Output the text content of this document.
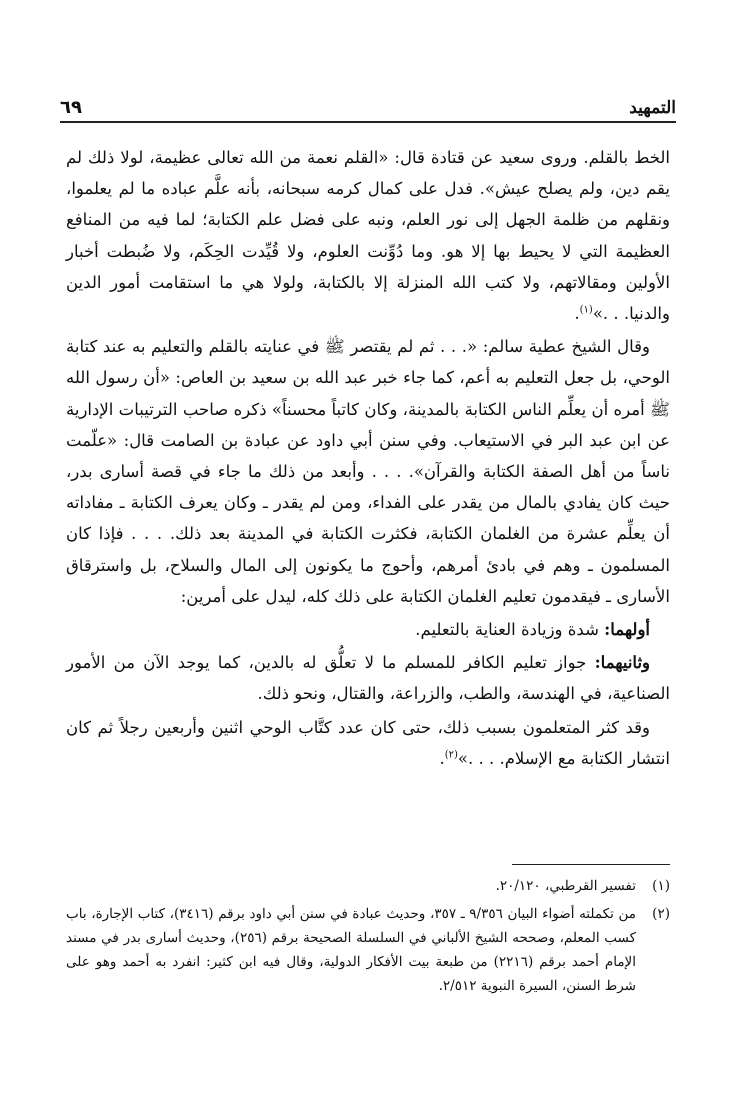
التمهيد
٦٩

الخط بالقلم. وروى سعيد عن قتادة قال: «القلم نعمة من الله تعالى عظيمة، لولا ذلك لم يقم دين، ولم يصلح عيش». فدل على كمال كرمه سبحانه، بأنه علَّم عباده ما لم يعلموا، ونقلهم من ظلمة الجهل إلى نور العلم، ونبه على فضل علم الكتابة؛ لما فيه من المنافع العظيمة التي لا يحيط بها إلا هو. وما دُوِّنت العلوم، ولا قُيِّدت الحِكَم، ولا ضُبطت أخبار الأولين ومقالاتهم، ولا كتب الله المنزلة إلا بالكتابة، ولولا هي ما استقامت أمور الدين والدنيا. . .»$^{(١)}$.

وقال الشيخ عطية سالم: «. . . ثم لم يقتصر ﷺ في عنايته بالقلم والتعليم به عند كتابة الوحي، بل جعل التعليم به أعم، كما جاء خبر عبد الله بن سعيد بن العاص: «أن رسول الله ﷺ أمره أن يعلِّم الناس الكتابة بالمدينة، وكان كاتباً محسناً» ذكره صاحب الترتيبات الإدارية عن ابن عبد البر في الاستيعاب. وفي سنن أبي داود عن عبادة بن الصامت قال: «علّمت ناساً من أهل الصفة الكتابة والقرآن». . . . وأبعد من ذلك ما جاء في قصة أسارى بدر، حيث كان يفادي بالمال من يقدر على الفداء، ومن لم يقدر ـ وكان يعرف الكتابة ـ مفاداته أن يعلِّم عشرة من الغلمان الكتابة، فكثرت الكتابة في المدينة بعد ذلك. . . . فإذا كان المسلمون ـ وهم في بادئ أمرهم، وأحوج ما يكونون إلى المال والسلاح، بل واسترقاق الأسارى ـ فيقدمون تعليم الغلمان الكتابة على ذلك كله، ليدل على أمرين:

أولهما: شدة وزيادة العناية بالتعليم.

وثانيهما: جواز تعليم الكافر للمسلم ما لا تعلُّق له بالدين، كما يوجد الآن من الأمور الصناعية، في الهندسة، والطب، والزراعة، والقتال، ونحو ذلك.

وقد كثر المتعلمون بسبب ذلك، حتى كان عدد كتَّاب الوحي اثنين وأربعين رجلاً ثم كان انتشار الكتابة مع الإسلام. . . .»$^{(٢)}$.

(١)
تفسير القرطبي، ٢٠/١٢٠.
(٢)
من تكملته أضواء البيان ٩/٣٥٦ ـ ٣٥٧، وحديث عبادة في سنن أبي داود برقم (٣٤١٦)، كتاب الإجارة، باب كسب المعلم، وصححه الشيخ الألباني في السلسلة الصحيحة برقم (٢٥٦)، وحديث أسارى بدر في مسند الإمام أحمد برقم (٢٢١٦) من طبعة بيت الأفكار الدولية، وقال فيه ابن كثير: انفرد به أحمد وهو على شرط السنن، السيرة النبوية ٢/٥١٢.
